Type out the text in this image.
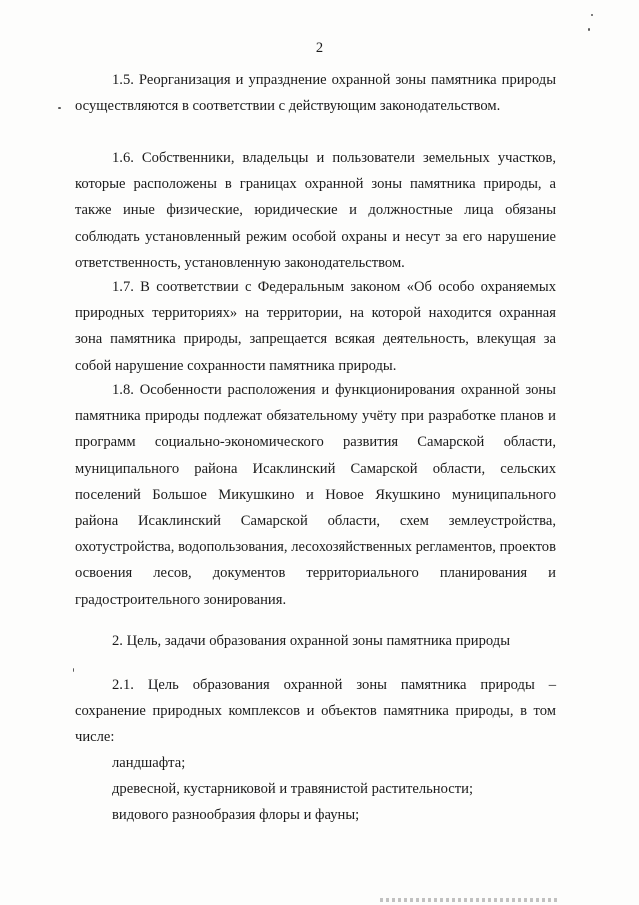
2

1.5. Реорганизация и упразднение охранной зоны памятника природы осуществляются в соответствии с действующим законодательством.

1.6. Собственники, владельцы и пользователи земельных участков, которые расположены в границах охранной зоны памятника природы, а также иные физические, юридические и должностные лица обязаны соблюдать установленный режим особой охраны и несут за его нарушение ответственность, установленную законодательством.

1.7. В соответствии с Федеральным законом «Об особо охраняемых природных территориях» на территории, на которой находится охранная зона памятника природы, запрещается всякая деятельность, влекущая за собой нарушение сохранности памятника природы.

1.8. Особенности расположения и функционирования охранной зоны памятника природы подлежат обязательному учёту при разработке планов и программ социально-экономического развития Самарской области, муниципального района Исаклинский Самарской области, сельских поселений Большое Микушкино и Новое Якушкино муниципального района Исаклинский Самарской области, схем землеустройства, охотустройства, водопользования, лесохозяйственных регламентов, проектов освоения лесов, документов территориального планирования и градостроительного зонирования.

2. Цель, задачи образования охранной зоны памятника природы

2.1. Цель образования охранной зоны памятника природы – сохранение природных комплексов и объектов памятника природы, в том числе:

ландшафта;

древесной, кустарниковой и травянистой растительности;

видового разнообразия флоры и фауны;
